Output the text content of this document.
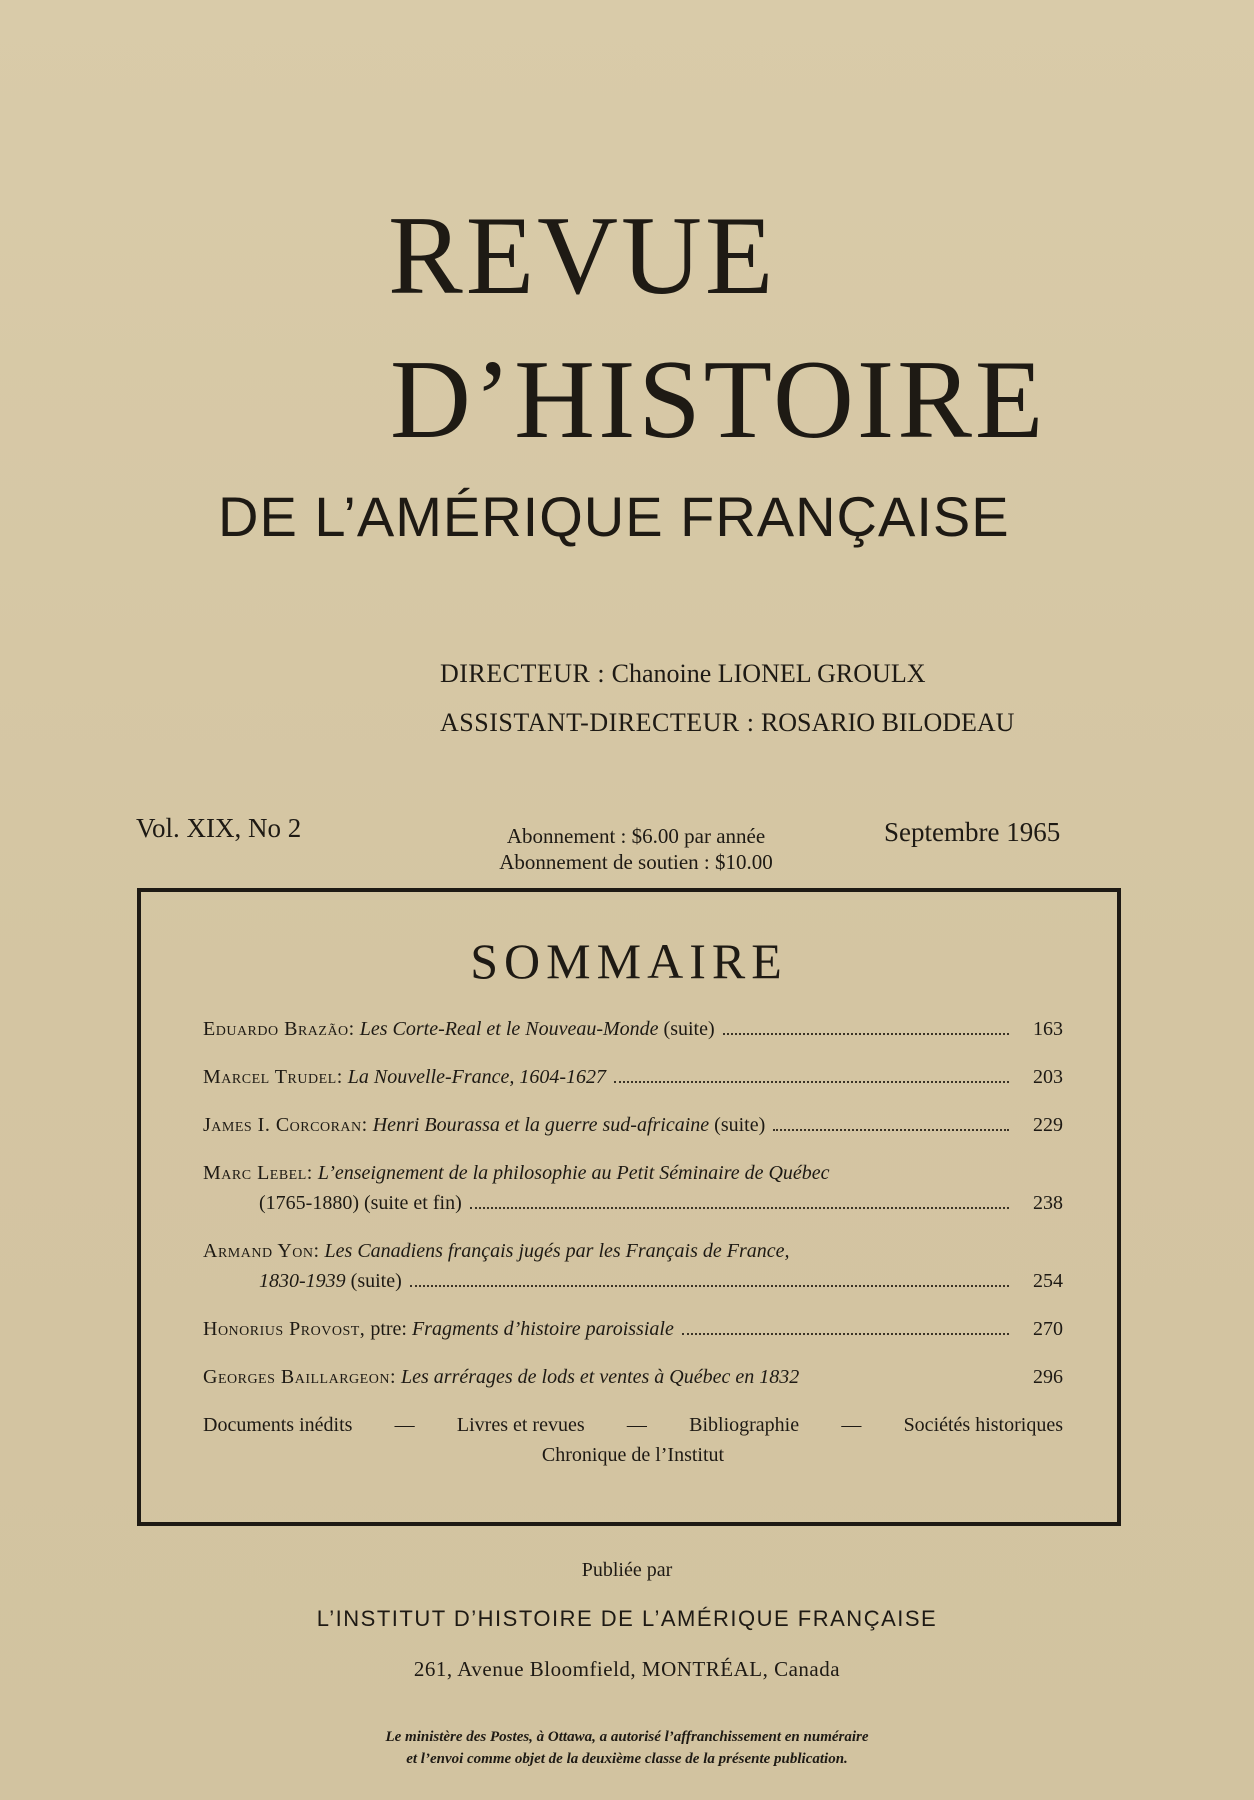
REVUE
D’HISTOIRE
DE L’AMÉRIQUE FRANÇAISE
DIRECTEUR : Chanoine LIONEL GROULX
ASSISTANT-DIRECTEUR : ROSARIO BILODEAU
Vol. XIX, No 2	Abonnement : $6.00 par année
Abonnement de soutien : $10.00
Septembre 1965
SOMMAIRE
Eduardo Brazão: Les Corte-Real et le Nouveau-Monde (suite)	163
Marcel Trudel: La Nouvelle-France, 1604-1627	203
James I. Corcoran: Henri Bourassa et la guerre sud-africaine (suite)	229
Marc Lebel: L’enseignement de la philosophie au Petit Séminaire de Québec
(1765-1880) (suite et fin)	238
Armand Yon: Les Canadiens français jugés par les Français de France,
1830-1939 (suite)	254
Honorius Provost, ptre: Fragments d’histoire paroissiale	270
Georges Baillargeon: Les arrérages de lods et ventes à Québec en 1832	296
Documents inédits — Livres et revues — Bibliographie — Sociétés historiques
Chronique de l’Institut
Publiée par
L’INSTITUT D’HISTOIRE DE L’AMÉRIQUE FRANÇAISE
261, Avenue Bloomfield, MONTRÉAL, Canada
Le ministère des Postes, à Ottawa, a autorisé l’affranchissement en numéraire
et l’envoi comme objet de la deuxième classe de la présente publication.
